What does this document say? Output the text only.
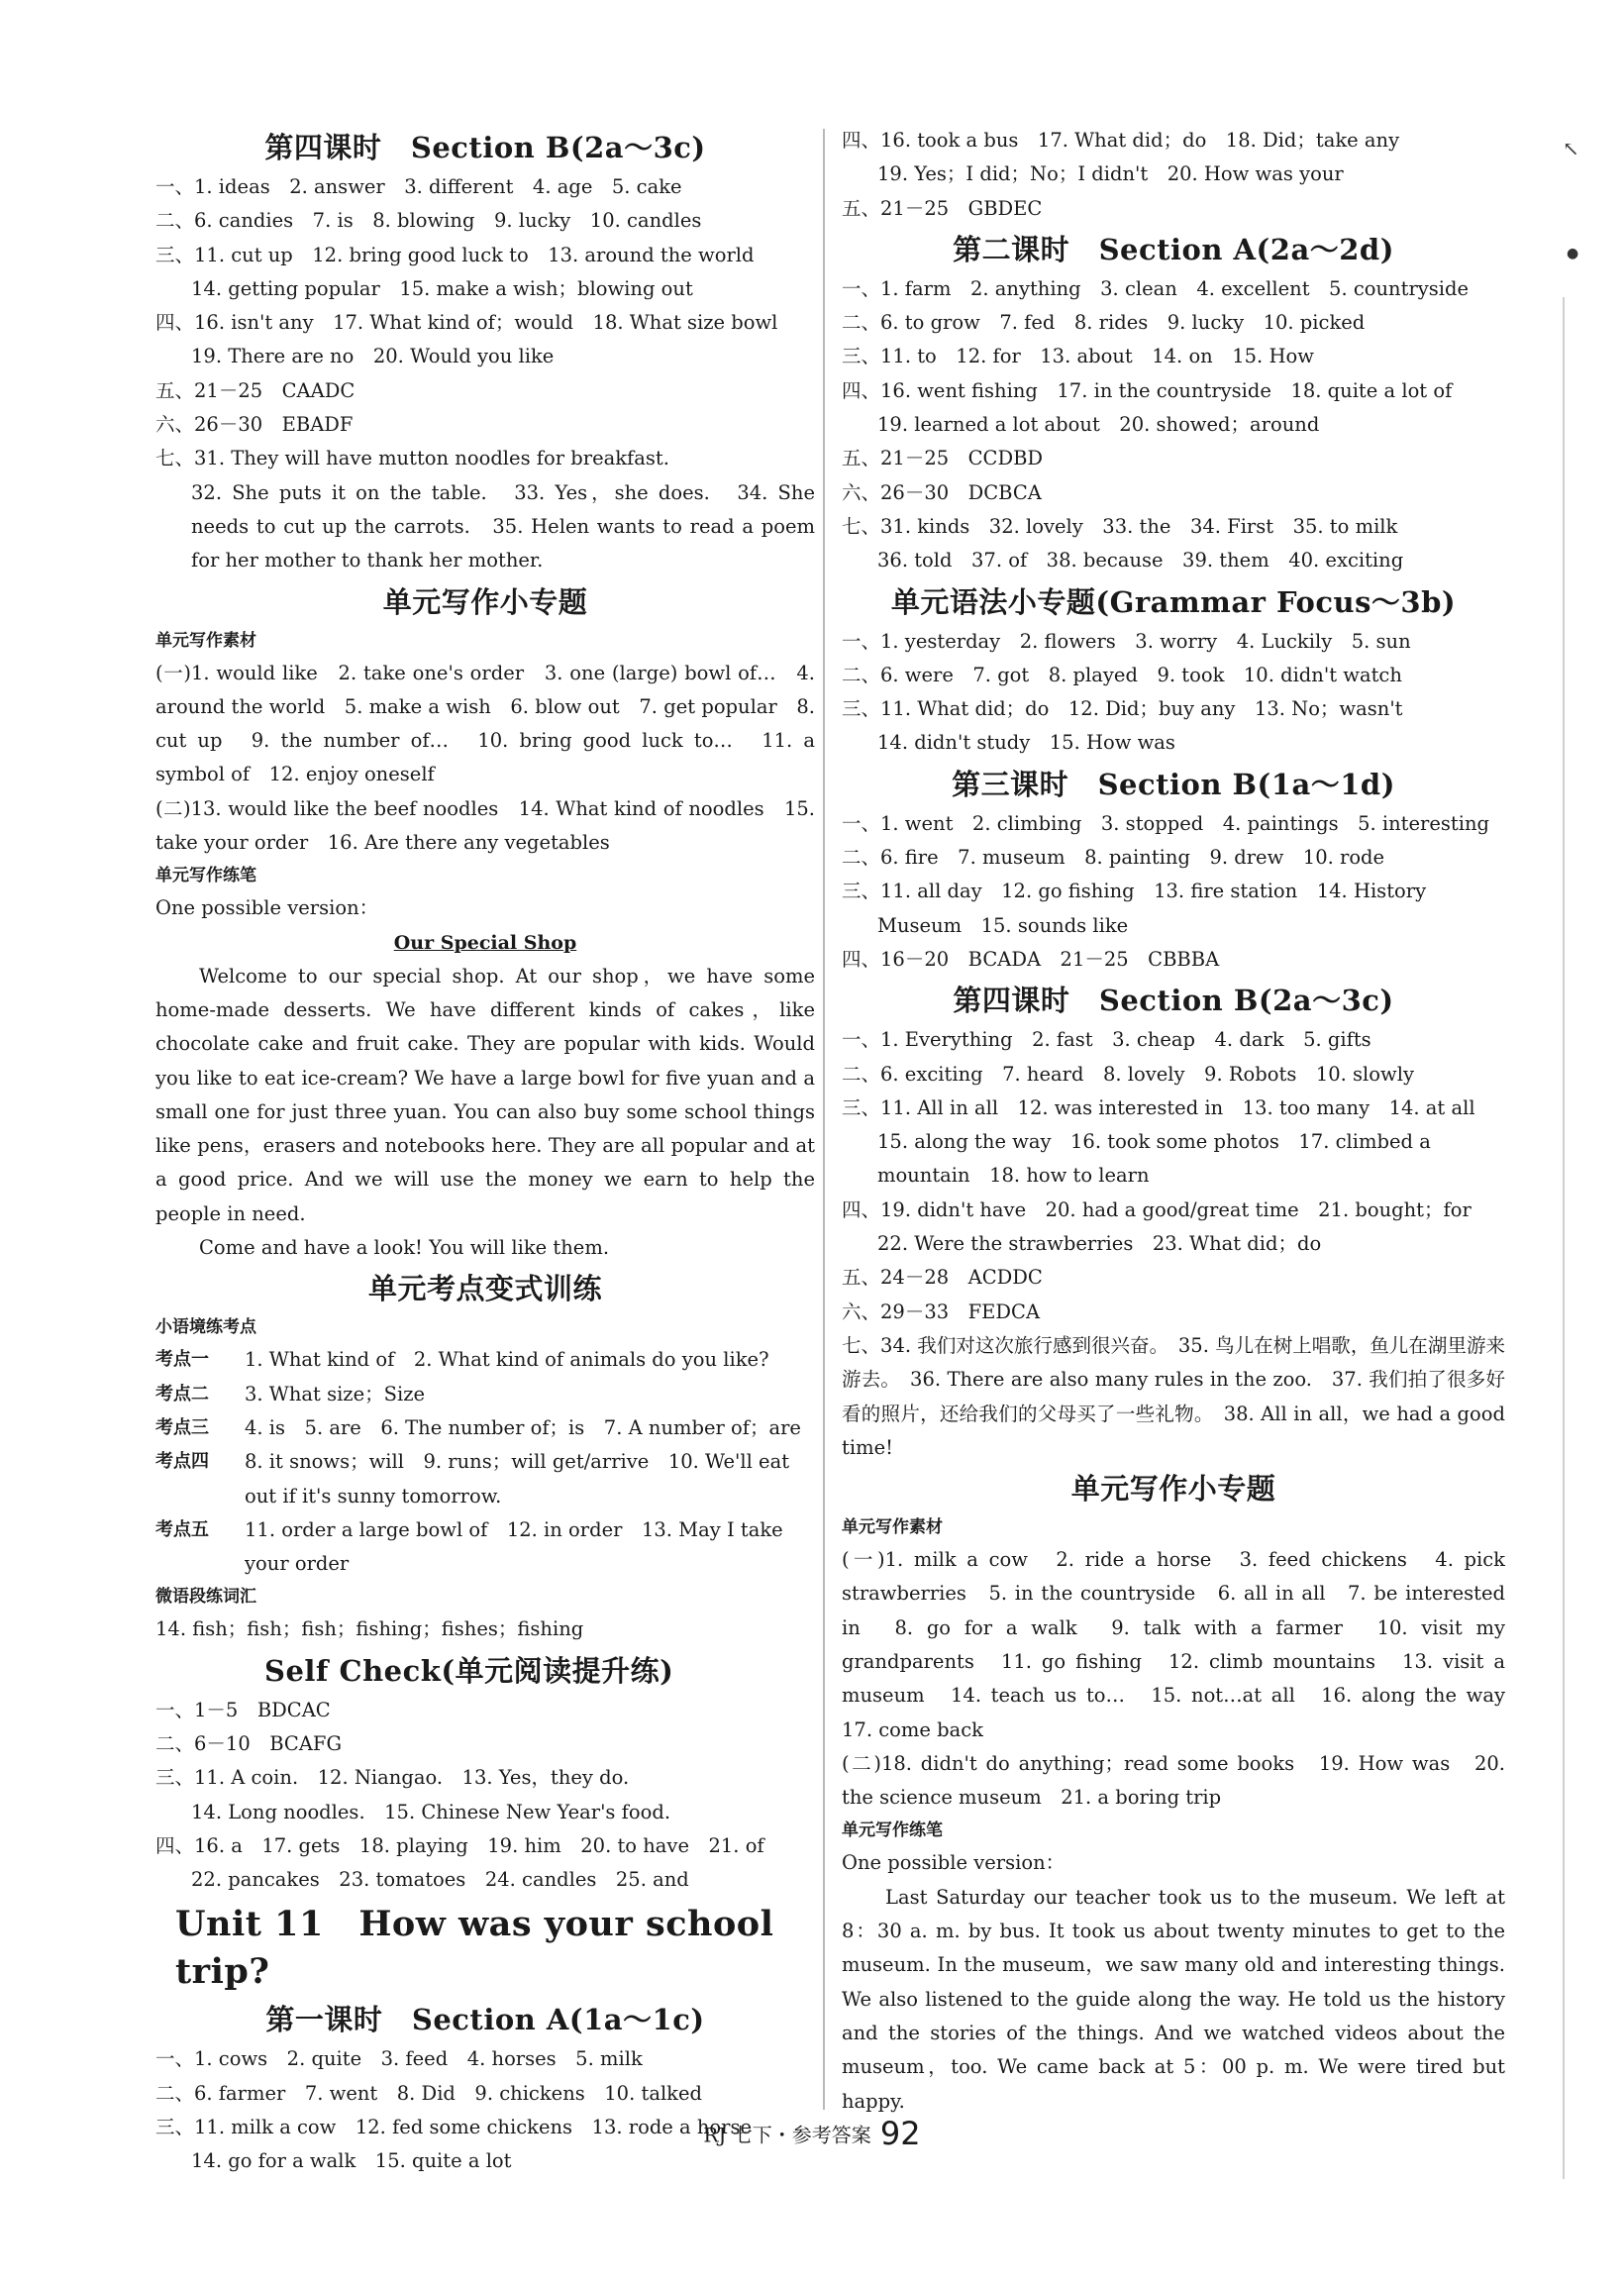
↖
●
第四课时　Section B(2a～3c)
一、1. ideas　2. answer　3. different　4. age　5. cake
二、6. candies　7. is　8. blowing　9. lucky　10. candles
三、11. cut up　12. bring good luck to　13. around the world
14. getting popular　15. make a wish；blowing out
四、16. isn't any　17. What kind of；would　18. What size bowl
19. There are no　20. Would you like
五、21－25　CAADC
六、26－30　EBADF
七、31. They will have mutton noodles for breakfast.
32. She puts it on the table.　33. Yes，she does.　34. She needs to cut up the carrots.　35. Helen wants to read a poem for her mother to thank her mother.
单元写作小专题
单元写作素材
(一)1. would like　2. take one's order　3. one (large) bowl of…　4. around the world　5. make a wish　6. blow out　7. get popular　8. cut up　9. the number of…　10. bring good luck to…　11. a symbol of　12. enjoy oneself
(二)13. would like the beef noodles　14. What kind of noodles　15. take your order　16. Are there any vegetables
单元写作练笔
One possible version：
Our Special Shop
Welcome to our special shop. At our shop，we have some home-made desserts. We have different kinds of cakes，like chocolate cake and fruit cake. They are popular with kids. Would you like to eat ice-cream? We have a large bowl for five yuan and a small one for just three yuan. You can also buy some school things like pens，erasers and notebooks here. They are all popular and at a good price. And we will use the money we earn to help the people in need.
Come and have a look! You will like them.
单元考点变式训练
小语境练考点
考点一	1. What kind of　2. What kind of animals do you like?
考点二	3. What size；Size
考点三	4. is　5. are　6. The number of；is　7. A number of；are
考点四	8. it snows；will　9. runs；will get/arrive　10. We'll eat
out if it's sunny tomorrow.
考点五	11. order a large bowl of　12. in order　13. May I take
your order
微语段练词汇
14. fish；fish；fish；fishing；fishes；fishing
Self Check(单元阅读提升练)
一、1－5　BDCAC
二、6－10　BCAFG
三、11. A coin.　12. Niangao.　13. Yes，they do.
14. Long noodles.　15. Chinese New Year's food.
四、16. a　17. gets　18. playing　19. him　20. to have　21. of
22. pancakes　23. tomatoes　24. candles　25. and
Unit 11　How was your school trip?
第一课时　Section A(1a～1c)
一、1. cows　2. quite　3. feed　4. horses　5. milk
二、6. farmer　7. went　8. Did　9. chickens　10. talked
三、11. milk a cow　12. fed some chickens　13. rode a horse
14. go for a walk　15. quite a lot
四、16. took a bus　17. What did；do　18. Did；take any
19. Yes；I did；No；I didn't　20. How was your
五、21－25　GBDEC
第二课时　Section A(2a～2d)
一、1. farm　2. anything　3. clean　4. excellent　5. countryside
二、6. to grow　7. fed　8. rides　9. lucky　10. picked
三、11. to　12. for　13. about　14. on　15. How
四、16. went fishing　17. in the countryside　18. quite a lot of
19. learned a lot about　20. showed；around
五、21－25　CCDBD
六、26－30　DCBCA
七、31. kinds　32. lovely　33. the　34. First　35. to milk
36. told　37. of　38. because　39. them　40. exciting
单元语法小专题(Grammar Focus～3b)
一、1. yesterday　2. flowers　3. worry　4. Luckily　5. sun
二、6. were　7. got　8. played　9. took　10. didn't watch
三、11. What did；do　12. Did；buy any　13. No；wasn't
14. didn't study　15. How was
第三课时　Section B(1a～1d)
一、1. went　2. climbing　3. stopped　4. paintings　5. interesting
二、6. fire　7. museum　8. painting　9. drew　10. rode
三、11. all day　12. go fishing　13. fire station　14. History
Museum　15. sounds like
四、16－20　BCADA　21－25　CBBBA
第四课时　Section B(2a～3c)
一、1. Everything　2. fast　3. cheap　4. dark　5. gifts
二、6. exciting　7. heard　8. lovely　9. Robots　10. slowly
三、11. All in all　12. was interested in　13. too many　14. at all
15. along the way　16. took some photos　17. climbed a
mountain　18. how to learn
四、19. didn't have　20. had a good/great time　21. bought；for
22. Were the strawberries　23. What did；do
五、24－28　ACDDC
六、29－33　FEDCA
七、34. 我们对这次旅行感到很兴奋。　35. 鸟儿在树上唱歌，鱼儿在湖里游来游去。　36. There are also many rules in the zoo.　37. 我们拍了很多好看的照片，还给我们的父母买了一些礼物。　38. All in all，we had a good time!
单元写作小专题
单元写作素材
(一)1. milk a cow　2. ride a horse　3. feed chickens　4. pick strawberries　5. in the countryside　6. all in all　7. be interested in　8. go for a walk　9. talk with a farmer　10. visit my grandparents　11. go fishing　12. climb mountains　13. visit a museum　14. teach us to…　15. not…at all　16. along the way　17. come back
(二)18. didn't do anything；read some books　19. How was　20. the science museum　21. a boring trip
单元写作练笔
One possible version：
Last Saturday our teacher took us to the museum. We left at 8：30 a. m. by bus. It took us about twenty minutes to get to the museum. In the museum，we saw many old and interesting things. We also listened to the guide along the way. He told us the history and the stories of the things. And we watched videos about the museum，too. We came back at 5：00 p. m. We were tired but happy.
RJ 七下・参考答案 92
